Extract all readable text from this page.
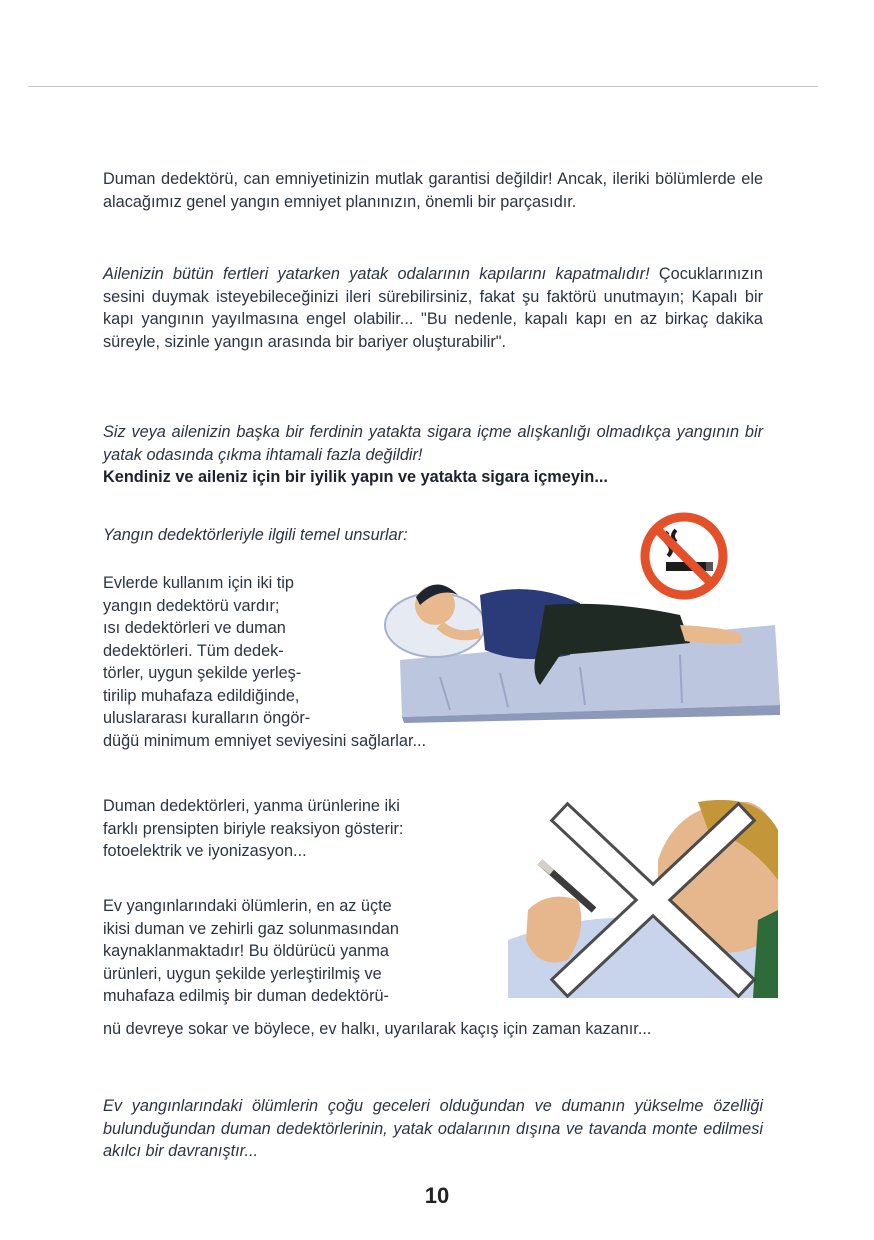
Duman dedektörü, can emniyetinizin mutlak garantisi değildir! Ancak, ileriki bölümlerde ele alacağımız genel yangın emniyet planınızın, önemli bir parçasıdır.

Ailenizin bütün fertleri yatarken yatak odalarının kapılarını kapatmalıdır! Çocuklarınızın sesini duymak isteyebileceğinizi ileri sürebilirsiniz, fakat şu faktörü unutmayın; Kapalı bir kapı yangının yayılmasına engel olabilir... "Bu nedenle, kapalı kapı en az birkaç dakika süreyle, sizinle yangın arasında bir bariyer oluşturabilir".

Siz veya ailenizin başka bir ferdinin yatakta sigara içme alışkanlığı olmadıkça yangının bir yatak odasında çıkma ihtamali fazla değildir!
Kendiniz ve aileniz için bir iyilik yapın ve yatakta sigara içmeyin...

Yangın dedektörleriyle ilgili temel unsurlar:
Evlerde kullanım için iki tip
yangın dedektörü vardır;
ısı dedektörleri ve duman
dedektörleri. Tüm dedek-
törler, uygun şekilde yerleş-
tirilip muhafaza edildiğinde,
uluslararası kuralların öngör-
düğü minimum emniyet seviyesini sağlarlar...
Duman dedektörleri, yanma ürünlerine iki
farklı prensipten biriyle reaksiyon gösterir:
fotoelektrik ve iyonizasyon...
Ev yangınlarındaki ölümlerin, en az üçte
ikisi duman ve zehirli gaz solunmasından
kaynaklanmaktadır! Bu öldürücü yanma
ürünleri, uygun şekilde yerleştirilmiş ve
muhafaza edilmiş bir duman dedektörü-

nü devreye sokar ve böylece, ev halkı, uyarılarak kaçış için zaman kazanır...

Ev yangınlarındaki ölümlerin çoğu geceleri olduğundan ve dumanın yükselme özelliği bulunduğundan duman dedektörlerinin, yatak odalarının dışına ve tavanda monte edilmesi akılcı bir davranıştır...

10
